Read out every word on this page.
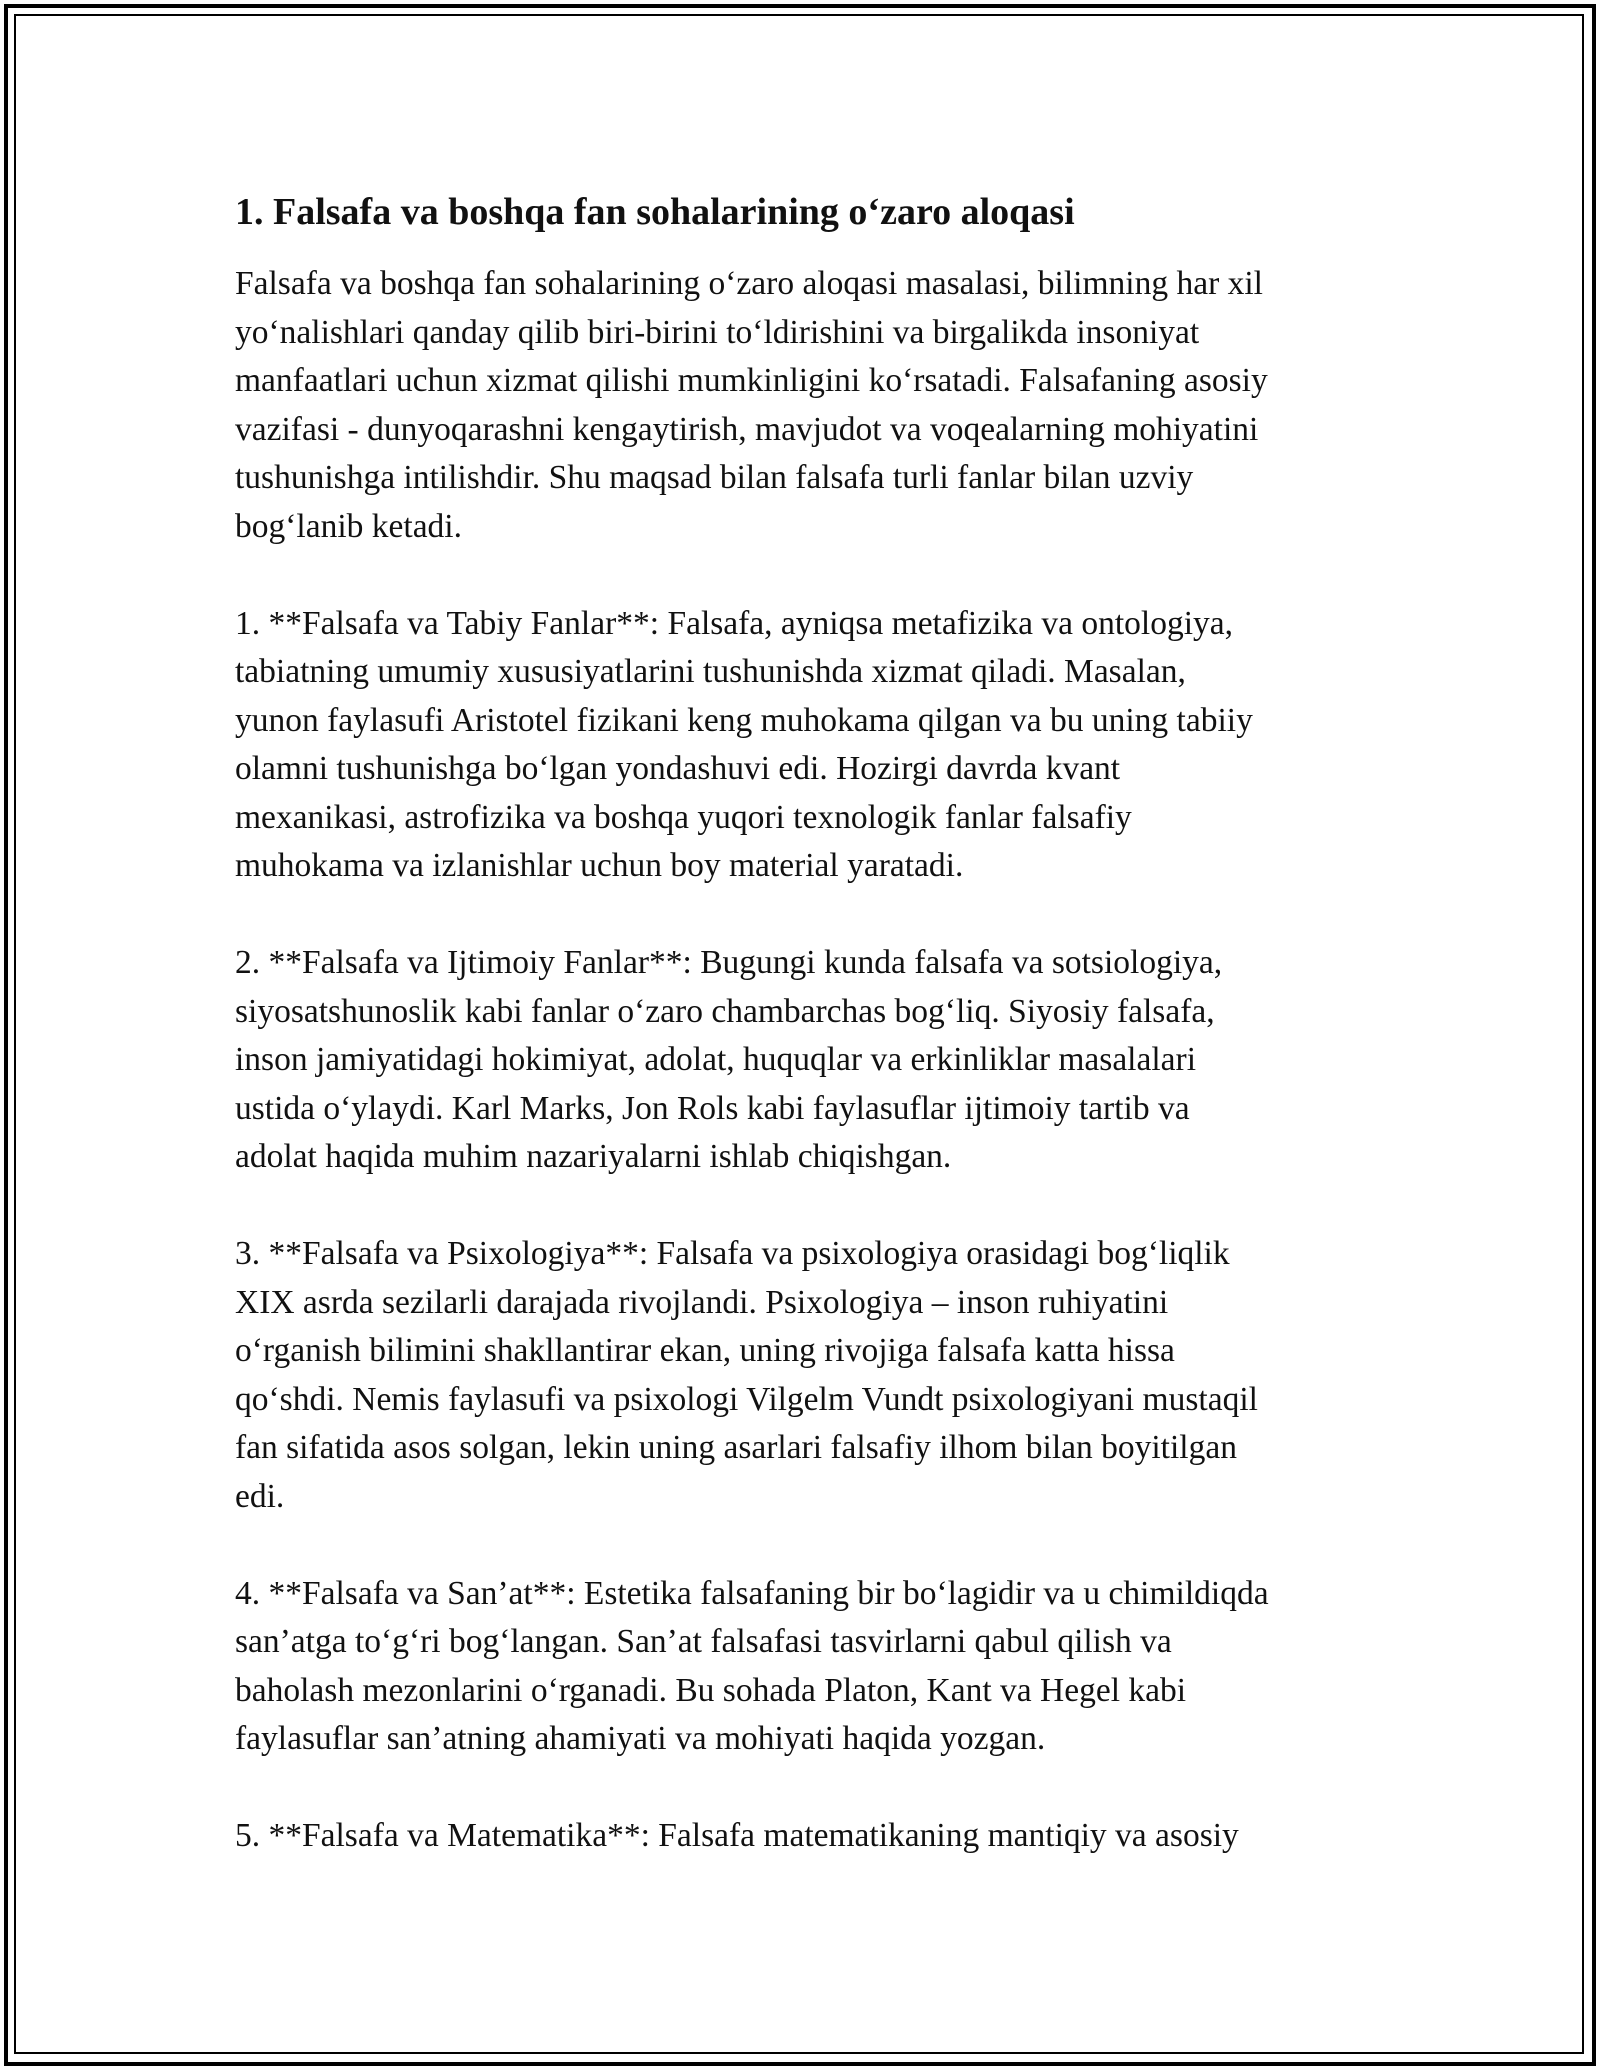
1. Falsafa va boshqa fan sohalarining o‘zaro aloqasi
Falsafa va boshqa fan sohalarining o‘zaro aloqasi masalasi, bilimning har xil
yo‘nalishlari qanday qilib biri-birini to‘ldirishini va birgalikda insoniyat
manfaatlari uchun xizmat qilishi mumkinligini ko‘rsatadi. Falsafaning asosiy
vazifasi - dunyoqarashni kengaytirish, mavjudot va voqealarning mohiyatini
tushunishga intilishdir. Shu maqsad bilan falsafa turli fanlar bilan uzviy
bog‘lanib ketadi.
1. **Falsafa va Tabiy Fanlar**: Falsafa, ayniqsa metafizika va ontologiya,
tabiatning umumiy xususiyatlarini tushunishda xizmat qiladi. Masalan,
yunon faylasufi Aristotel fizikani keng muhokama qilgan va bu uning tabiiy
olamni tushunishga bo‘lgan yondashuvi edi. Hozirgi davrda kvant
mexanikasi, astrofizika va boshqa yuqori texnologik fanlar falsafiy
muhokama va izlanishlar uchun boy material yaratadi.
2. **Falsafa va Ijtimoiy Fanlar**: Bugungi kunda falsafa va sotsiologiya,
siyosatshunoslik kabi fanlar o‘zaro chambarchas bog‘liq. Siyosiy falsafa,
inson jamiyatidagi hokimiyat, adolat, huquqlar va erkinliklar masalalari
ustida o‘ylaydi. Karl Marks, Jon Rols kabi faylasuflar ijtimoiy tartib va
adolat haqida muhim nazariyalarni ishlab chiqishgan.
3. **Falsafa va Psixologiya**: Falsafa va psixologiya orasidagi bog‘liqlik
XIX asrda sezilarli darajada rivojlandi. Psixologiya – inson ruhiyatini
o‘rganish bilimini shakllantirar ekan, uning rivojiga falsafa katta hissa
qo‘shdi. Nemis faylasufi va psixologi Vilgelm Vundt psixologiyani mustaqil
fan sifatida asos solgan, lekin uning asarlari falsafiy ilhom bilan boyitilgan
edi.
4. **Falsafa va San’at**: Estetika falsafaning bir bo‘lagidir va u chimildiqda
san’atga to‘g‘ri bog‘langan. San’at falsafasi tasvirlarni qabul qilish va
baholash mezonlarini o‘rganadi. Bu sohada Platon, Kant va Hegel kabi
faylasuflar san’atning ahamiyati va mohiyati haqida yozgan.
5. **Falsafa va Matematika**: Falsafa matematikaning mantiqiy va asosiy
